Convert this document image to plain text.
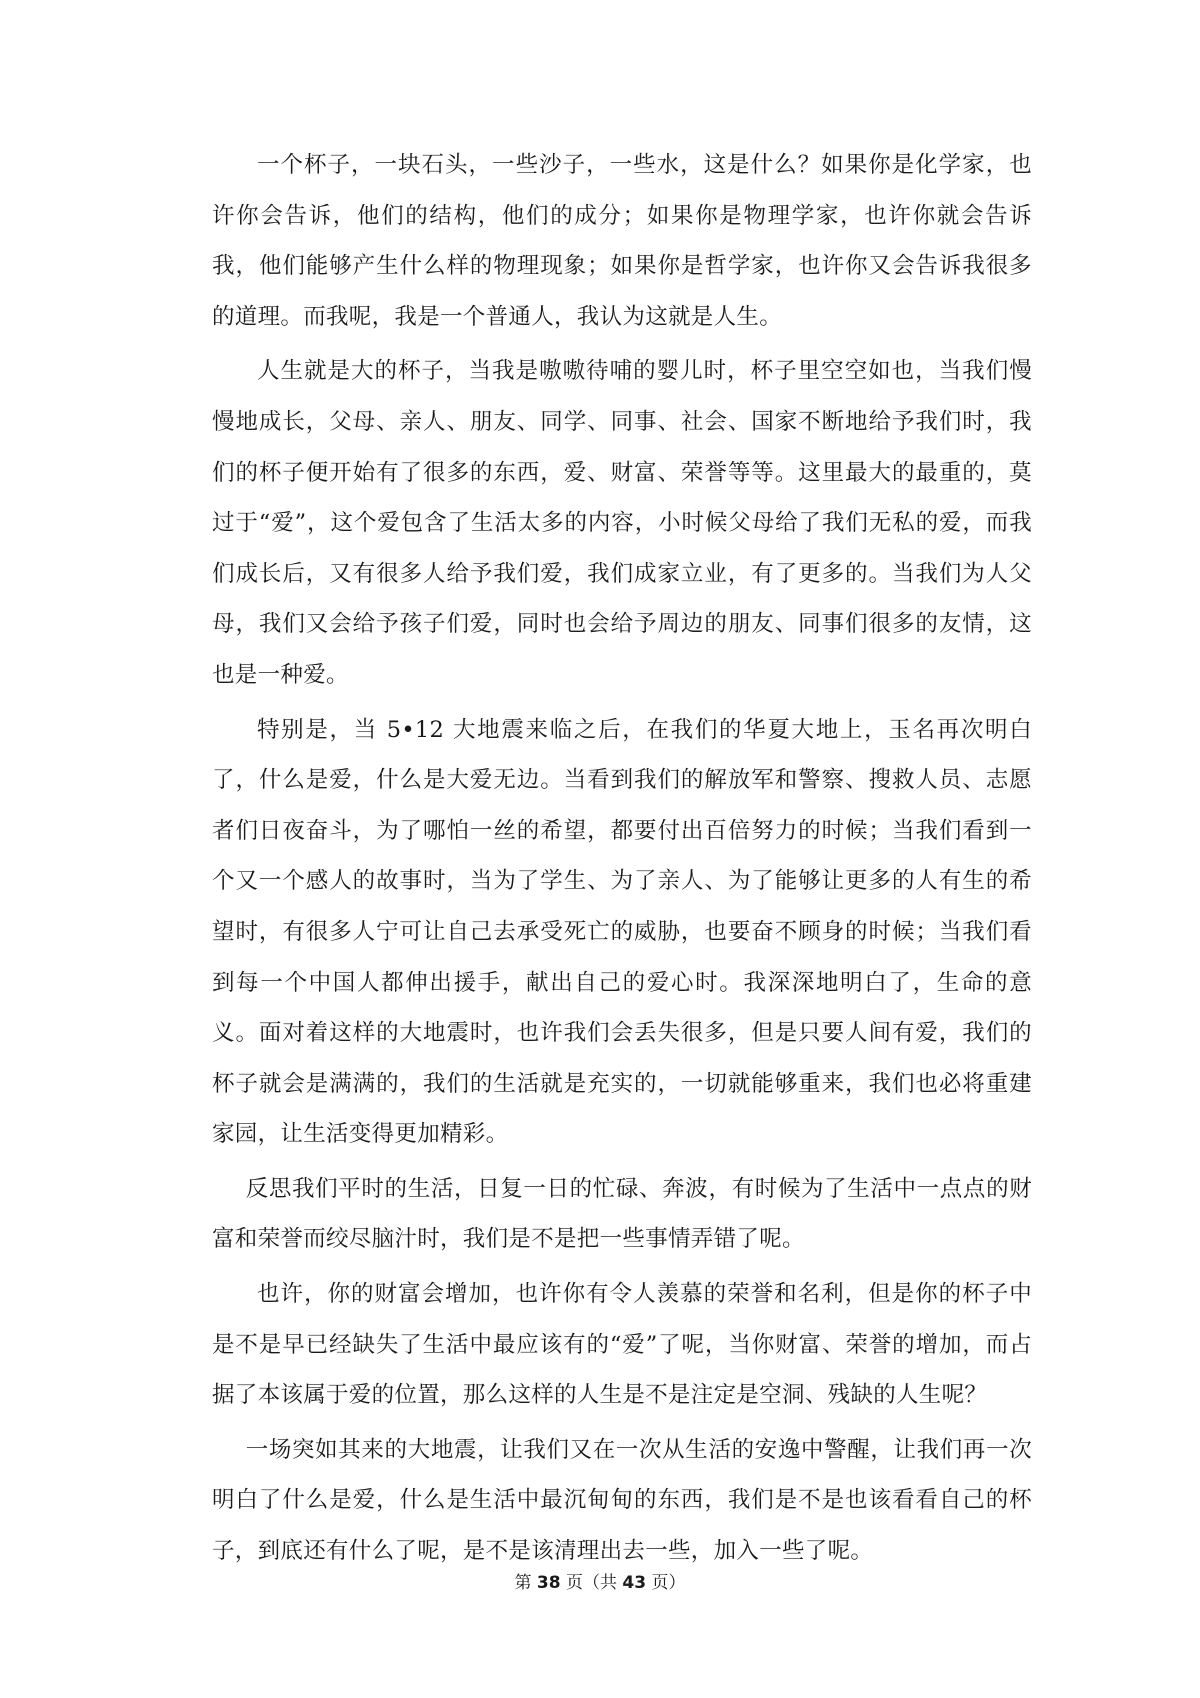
一个杯子，一块石头，一些沙子，一些水，这是什么？如果你是化学家，也许你会告诉，他们的结构，他们的成分；如果你是物理学家，也许你就会告诉我，他们能够产生什么样的物理现象；如果你是哲学家，也许你又会告诉我很多的道理。而我呢，我是一个普通人，我认为这就是人生。

人生就是大的杯子，当我是嗷嗷待哺的婴儿时，杯子里空空如也，当我们慢慢地成长，父母、亲人、朋友、同学、同事、社会、国家不断地给予我们时，我们的杯子便开始有了很多的东西，爱、财富、荣誉等等。这里最大的最重的，莫过于“爱”，这个爱包含了生活太多的内容，小时候父母给了我们无私的爱，而我们成长后，又有很多人给予我们爱，我们成家立业，有了更多的。当我们为人父母，我们又会给予孩子们爱，同时也会给予周边的朋友、同事们很多的友情，这也是一种爱。

特别是，当 5•12 大地震来临之后，在我们的华夏大地上，玉名再次明白了，什么是爱，什么是大爱无边。当看到我们的解放军和警察、搜救人员、志愿者们日夜奋斗，为了哪怕一丝的希望，都要付出百倍努力的时候；当我们看到一个又一个感人的故事时，当为了学生、为了亲人、为了能够让更多的人有生的希望时，有很多人宁可让自己去承受死亡的威胁，也要奋不顾身的时候；当我们看到每一个中国人都伸出援手，献出自己的爱心时。我深深地明白了，生命的意义。面对着这样的大地震时，也许我们会丢失很多，但是只要人间有爱，我们的杯子就会是满满的，我们的生活就是充实的，一切就能够重来，我们也必将重建家园，让生活变得更加精彩。

反思我们平时的生活，日复一日的忙碌、奔波，有时候为了生活中一点点的财富和荣誉而绞尽脑汁时，我们是不是把一些事情弄错了呢。

也许，你的财富会增加，也许你有令人羡慕的荣誉和名利，但是你的杯子中是不是早已经缺失了生活中最应该有的“爱”了呢，当你财富、荣誉的增加，而占据了本该属于爱的位置，那么这样的人生是不是注定是空洞、残缺的人生呢？

一场突如其来的大地震，让我们又在一次从生活的安逸中警醒，让我们再一次明白了什么是爱，什么是生活中最沉甸甸的东西，我们是不是也该看看自己的杯子，到底还有什么了呢，是不是该清理出去一些，加入一些了呢。

第 38 页（共 43 页）
